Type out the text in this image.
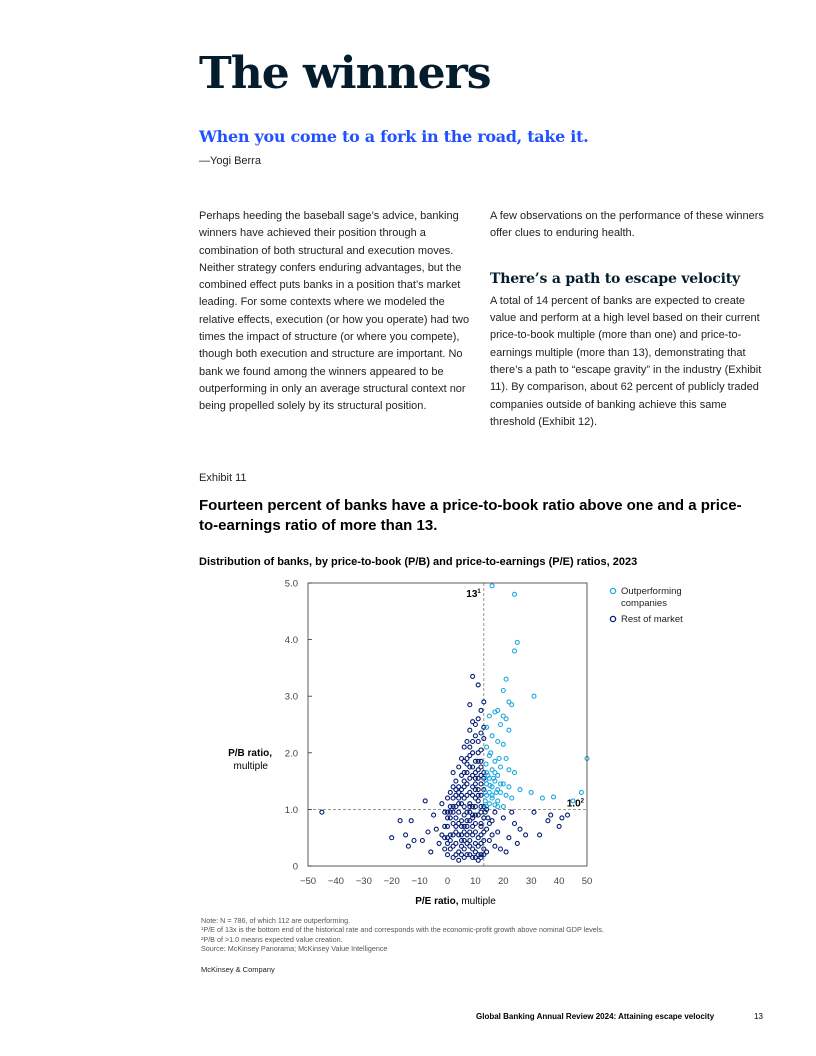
The winners
When you come to a fork in the road, take it.
—Yogi Berra

Perhaps heeding the baseball sage’s advice, banking winners have achieved their position through a combination of both structural and execution moves. Neither strategy confers enduring advantages, but the combined effect puts banks in a position that’s market leading. For some contexts where we modeled the relative effects, execution (or how you operate) had two times the impact of structure (or where you compete), though both execution and structure are important. No bank we found among the winners appeared to be outperforming in only an average structural context nor being propelled solely by its structural position.

A few observations on the performance of these winners offer clues to enduring health.

There’s a path to escape velocity

A total of 14 percent of banks are expected to create value and perform at a high level based on their current price-to-book multiple (more than one) and price-to-earnings multiple (more than 13), demonstrating that there’s a path to “escape gravity” in the industry (Exhibit 11). By comparison, about 62 percent of publicly traded companies outside of banking achieve this same threshold (Exhibit 12).

Exhibit 11
Fourteen percent of banks have a price-to-book ratio above one and a price-to-earnings ratio of more than 13.
Distribution of banks, by price-to-book (P/B) and price-to-earnings (P/E) ratios, 2023
−50 −40 −30 −20 −10 0 10 20 30 40 50
0
1.0
2.0
3.0
4.0
5.0
$13^1$
$1.0^2$
P/E ratio, multiple
P/B ratio,
multiple
Outperforming
companies
Rest of market
Note: N = 786, of which 112 are outperforming.
¹P/E of 13x is the bottom end of the historical rate and corresponds with the economic-profit growth above nominal GDP levels.
²P/B of >1.0 means expected value creation.
Source: McKinsey Panorama; McKinsey Value Intelligence
McKinsey & Company
Global Banking Annual Review 2024: Attaining escape velocity	13
